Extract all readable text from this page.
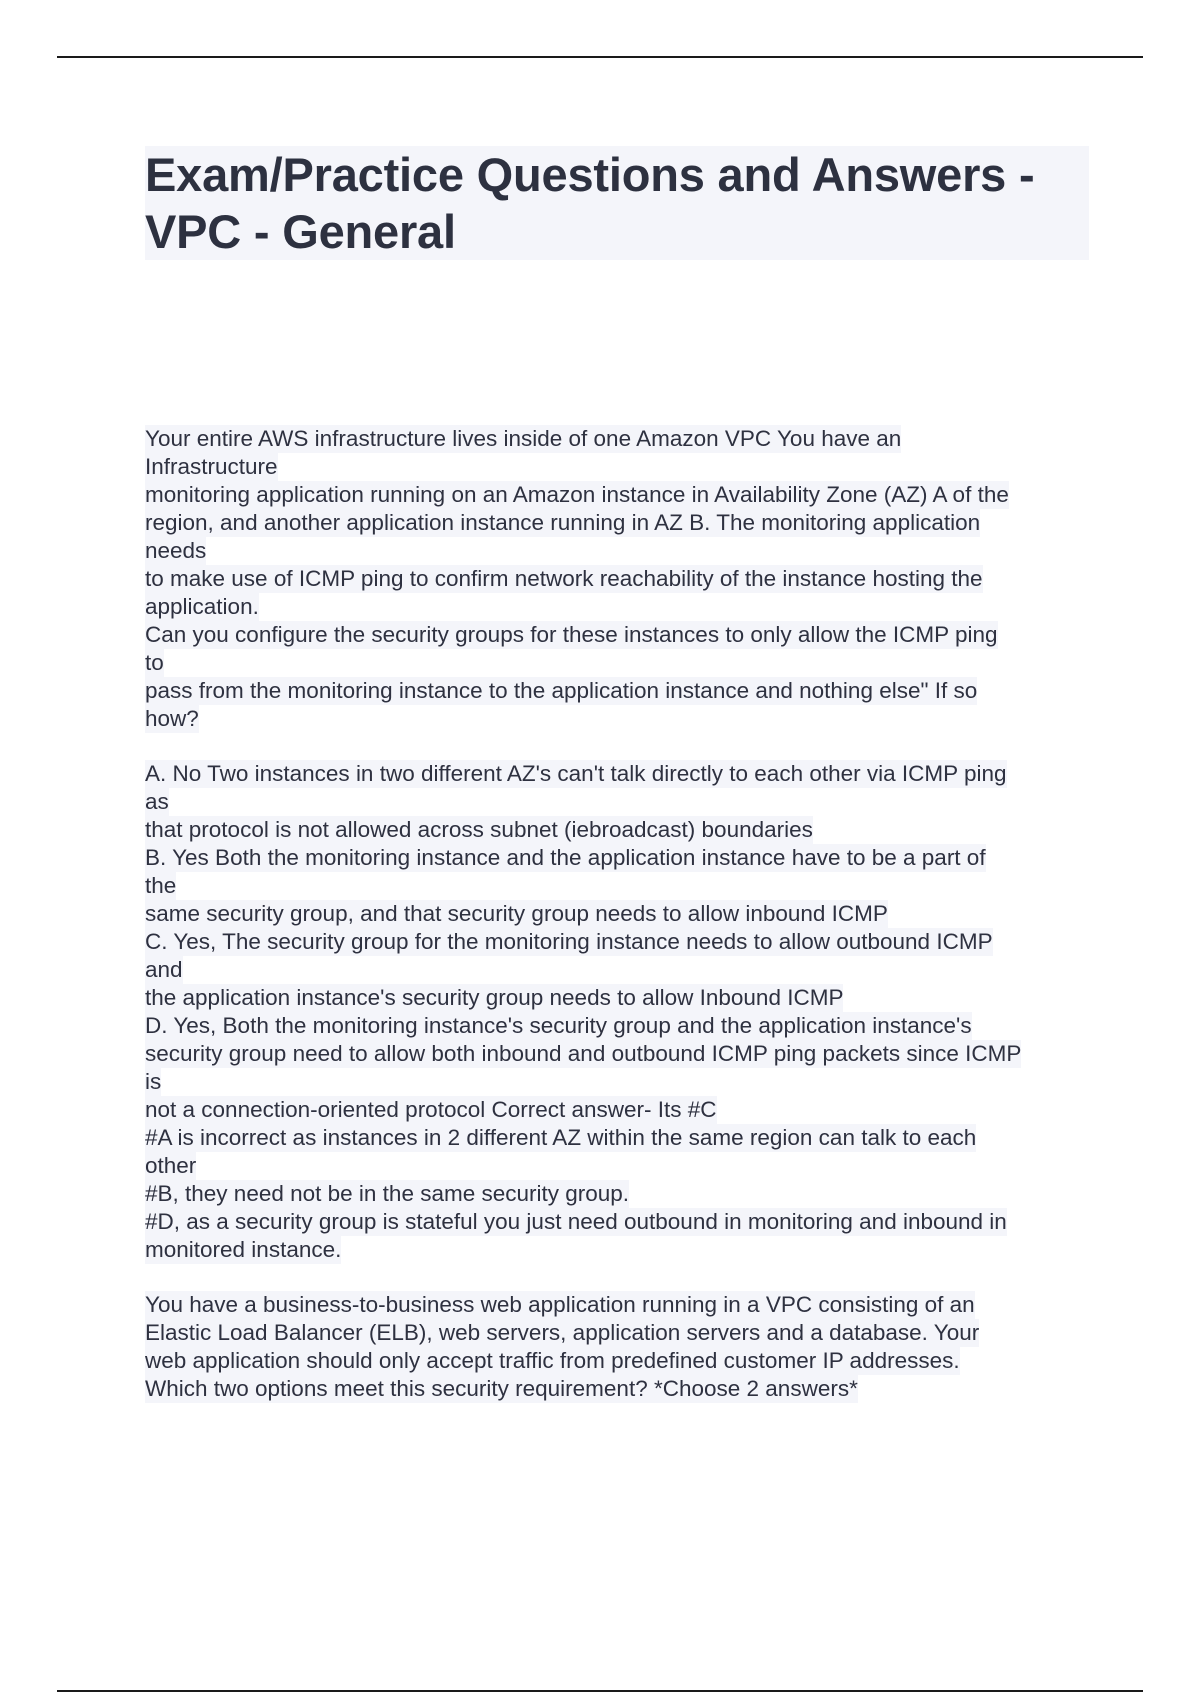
Exam/Practice Questions and Answers -
VPC - General
Your entire AWS infrastructure lives inside of one Amazon VPC You have an
Infrastructure
monitoring application running on an Amazon instance in Availability Zone (AZ) A of the
region, and another application instance running in AZ B. The monitoring application
needs
to make use of ICMP ping to confirm network reachability of the instance hosting the
application.
Can you configure the security groups for these instances to only allow the ICMP ping
to
pass from the monitoring instance to the application instance and nothing else" If so
how?
A. No Two instances in two different AZ's can't talk directly to each other via ICMP ping
as
that protocol is not allowed across subnet (iebroadcast) boundaries
B. Yes Both the monitoring instance and the application instance have to be a part of
the
same security group, and that security group needs to allow inbound ICMP
C. Yes, The security group for the monitoring instance needs to allow outbound ICMP
and
the application instance's security group needs to allow Inbound ICMP
D. Yes, Both the monitoring instance's security group and the application instance's
security group need to allow both inbound and outbound ICMP ping packets since ICMP
is
not a connection-oriented protocol Correct answer- Its #C
#A is incorrect as instances in 2 different AZ within the same region can talk to each
other
#B, they need not be in the same security group.
#D, as a security group is stateful you just need outbound in monitoring and inbound in
monitored instance.
You have a business-to-business web application running in a VPC consisting of an
Elastic Load Balancer (ELB), web servers, application servers and a database. Your
web application should only accept traffic from predefined customer IP addresses.
Which two options meet this security requirement? *Choose 2 answers*
